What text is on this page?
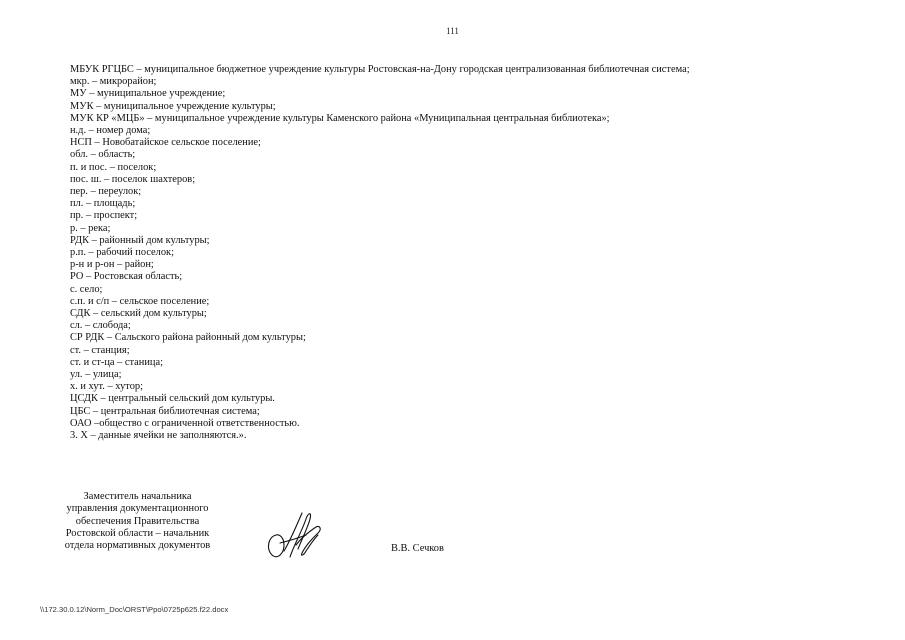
111
МБУК РГЦБС – муниципальное бюджетное учреждение культуры Ростовская-на-Дону городская централизованная библиотечная система;
мкр. – микрорайон;
МУ – муниципальное учреждение;
МУК – муниципальное учреждение культуры;
МУК КР «МЦБ» – муниципальное учреждение культуры Каменского района «Муниципальная центральная библиотека»;
н.д. – номер дома;
НСП – Новобатайское сельское поселение;
обл. – область;
п. и пос. – поселок;
пос. ш. – поселок шахтеров;
пер. – переулок;
пл. – площадь;
пр. – проспект;
р. – река;
РДК – районный дом культуры;
р.п. – рабочий поселок;
р-н и р-он – район;
РО – Ростовская область;
с. село;
с.п. и с/п – сельское поселение;
СДК – сельский дом культуры;
сл. – слобода;
СР РДК – Сальского района районный дом культуры;
ст. – станция;
ст. и ст-ца – станица;
ул. – улица;
х. и хут. – хутор;
ЦСДК – центральный сельский дом культуры.
ЦБС – центральная библиотечная система;
ОАО –общество с ограниченной ответственностью.
3. Х – данные ячейки не заполняются.».
Заместитель начальника
управления документационного
обеспечения Правительства
Ростовской области – начальник
отдела нормативных документов	В.В. Сечков
\\172.30.0.12\Norm_Doc\ORST\Ppo\0725p625.f22.docx
